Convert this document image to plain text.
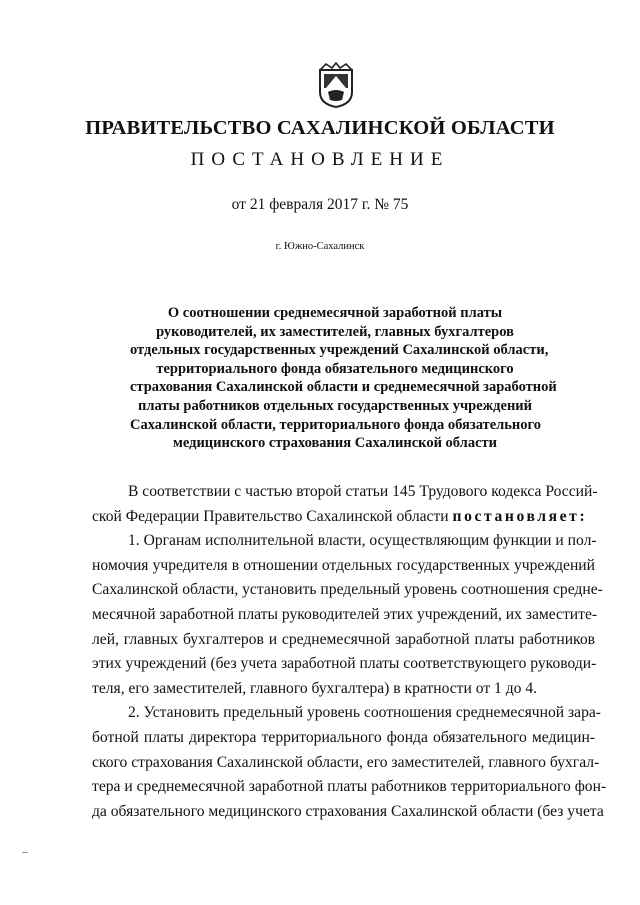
ПРАВИТЕЛЬСТВО САХАЛИНСКОЙ ОБЛАСТИ
ПОСТАНОВЛЕНИЕ
от 21 февраля 2017 г. № 75
г. Южно-Сахалинск
О соотношении среднемесячной заработной платы
руководителей, их заместителей, главных бухгалтеров
отдельных государственных учреждений Сахалинской области,
территориального фонда обязательного медицинского
страхования Сахалинской области и среднемесячной заработной
платы работников отдельных государственных учреждений
Сахалинской области, территориального фонда обязательного
медицинского страхования Сахалинской области
В соответствии с частью второй статьи 145 Трудового кодекса Россий-
ской Федерации Правительство Сахалинской области постановляет:
1. Органам исполнительной власти, осуществляющим функции и пол-
номочия учредителя в отношении отдельных государственных учреждений
Сахалинской области, установить предельный уровень соотношения средне-
месячной заработной платы руководителей этих учреждений, их заместите-
лей, главных бухгалтеров и среднемесячной заработной платы работников
этих учреждений (без учета заработной платы соответствующего руководи-
теля, его заместителей, главного бухгалтера) в кратности от 1 до 4.
2. Установить предельный уровень соотношения среднемесячной зара-
ботной платы директора территориального фонда обязательного медицин-
ского страхования Сахалинской области, его заместителей, главного бухгал-
тера и среднемесячной заработной платы работников территориального фон-
да обязательного медицинского страхования Сахалинской области (без учета
